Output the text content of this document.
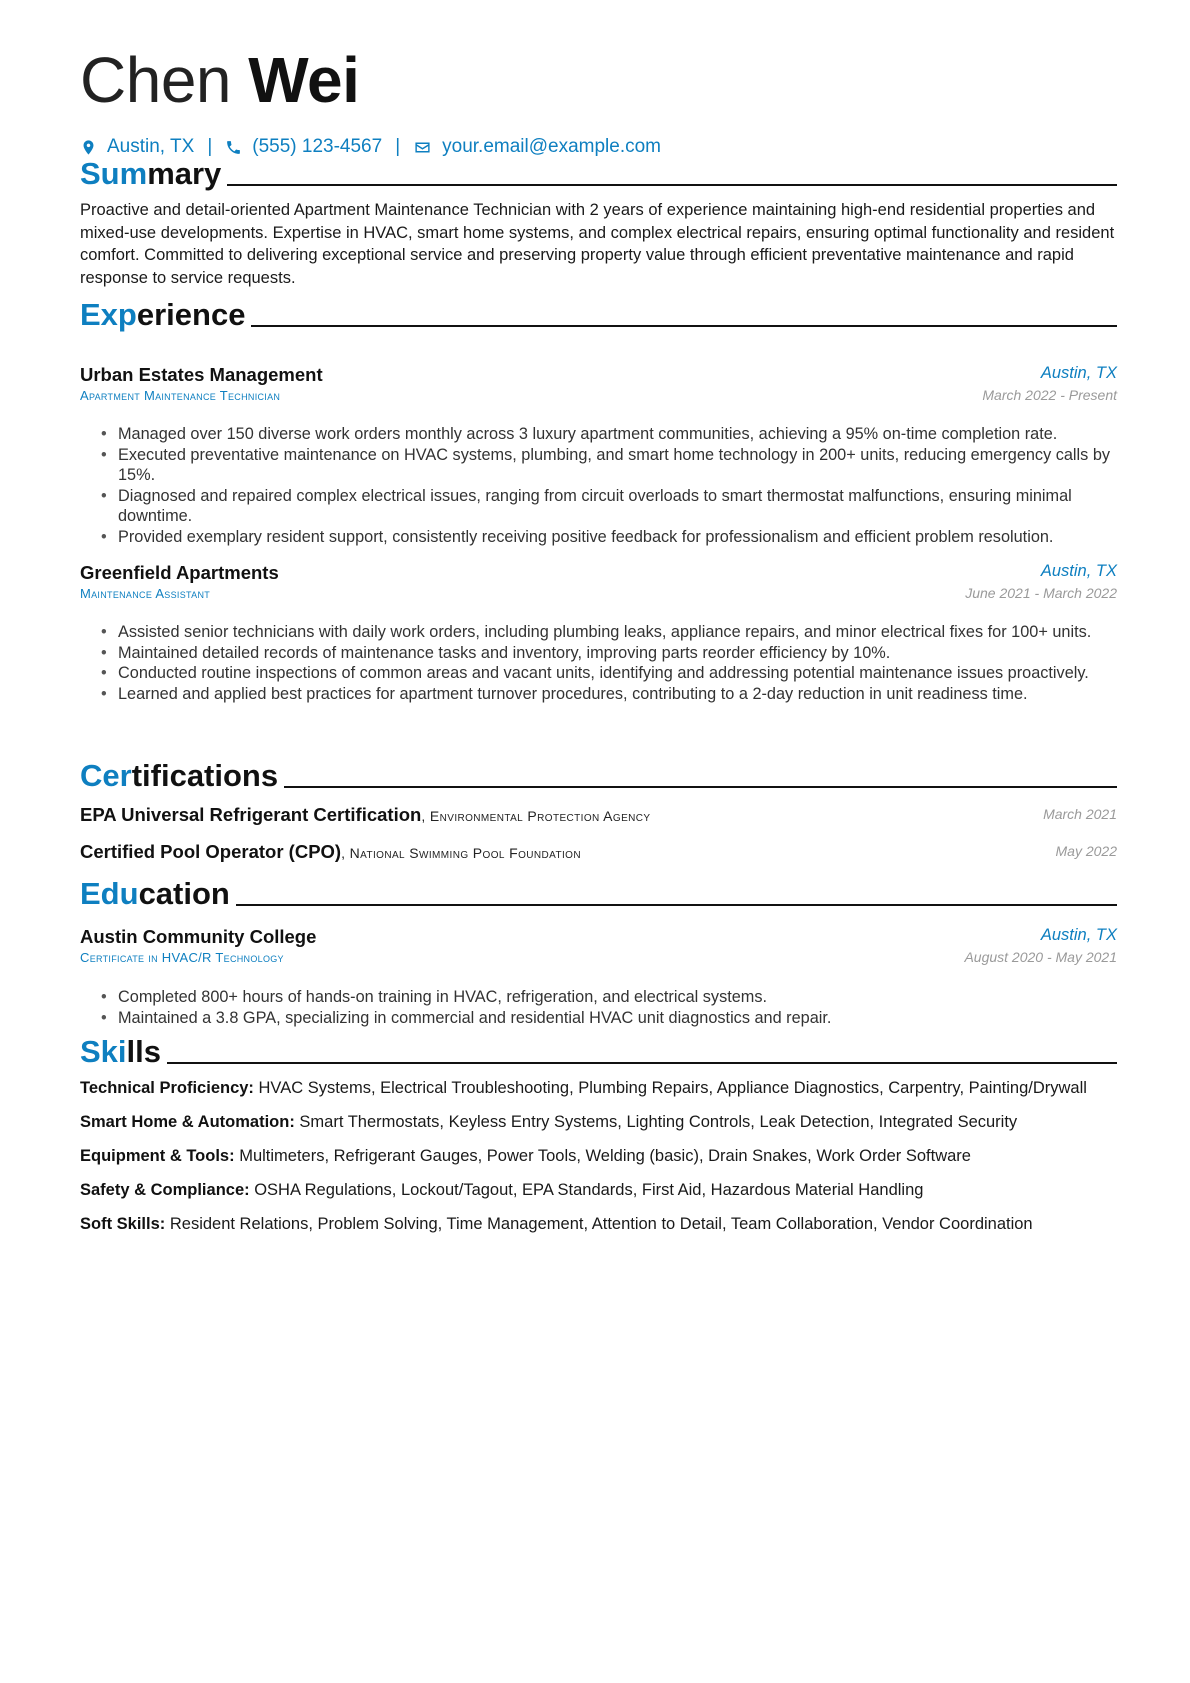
Chen Wei
Austin, TX | (555) 123-4567 | your.email@example.com
Summary
Proactive and detail-oriented Apartment Maintenance Technician with 2 years of experience maintaining high-end residential properties and mixed-use developments. Expertise in HVAC, smart home systems, and complex electrical repairs, ensuring optimal functionality and resident comfort. Committed to delivering exceptional service and preserving property value through efficient preventative maintenance and rapid response to service requests.
Experience
Urban Estates Management	Austin, TX
Apartment Maintenance Technician	March 2022 - Present
• Managed over 150 diverse work orders monthly across 3 luxury apartment communities, achieving a 95% on-time completion rate.
• Executed preventative maintenance on HVAC systems, plumbing, and smart home technology in 200+ units, reducing emergency calls by 15%.
• Diagnosed and repaired complex electrical issues, ranging from circuit overloads to smart thermostat malfunctions, ensuring minimal downtime.
• Provided exemplary resident support, consistently receiving positive feedback for professionalism and efficient problem resolution.
Greenfield Apartments	Austin, TX
Maintenance Assistant	June 2021 - March 2022
• Assisted senior technicians with daily work orders, including plumbing leaks, appliance repairs, and minor electrical fixes for 100+ units.
• Maintained detailed records of maintenance tasks and inventory, improving parts reorder efficiency by 10%.
• Conducted routine inspections of common areas and vacant units, identifying and addressing potential maintenance issues proactively.
• Learned and applied best practices for apartment turnover procedures, contributing to a 2-day reduction in unit readiness time.
Certifications
EPA Universal Refrigerant Certification, Environmental Protection Agency	March 2021
Certified Pool Operator (CPO), National Swimming Pool Foundation	May 2022
Education
Austin Community College	Austin, TX
Certificate in HVAC/R Technology	August 2020 - May 2021
• Completed 800+ hours of hands-on training in HVAC, refrigeration, and electrical systems.
• Maintained a 3.8 GPA, specializing in commercial and residential HVAC unit diagnostics and repair.
Skills
Technical Proficiency: HVAC Systems, Electrical Troubleshooting, Plumbing Repairs, Appliance Diagnostics, Carpentry, Painting/Drywall
Smart Home & Automation: Smart Thermostats, Keyless Entry Systems, Lighting Controls, Leak Detection, Integrated Security
Equipment & Tools: Multimeters, Refrigerant Gauges, Power Tools, Welding (basic), Drain Snakes, Work Order Software
Safety & Compliance: OSHA Regulations, Lockout/Tagout, EPA Standards, First Aid, Hazardous Material Handling
Soft Skills: Resident Relations, Problem Solving, Time Management, Attention to Detail, Team Collaboration, Vendor Coordination
